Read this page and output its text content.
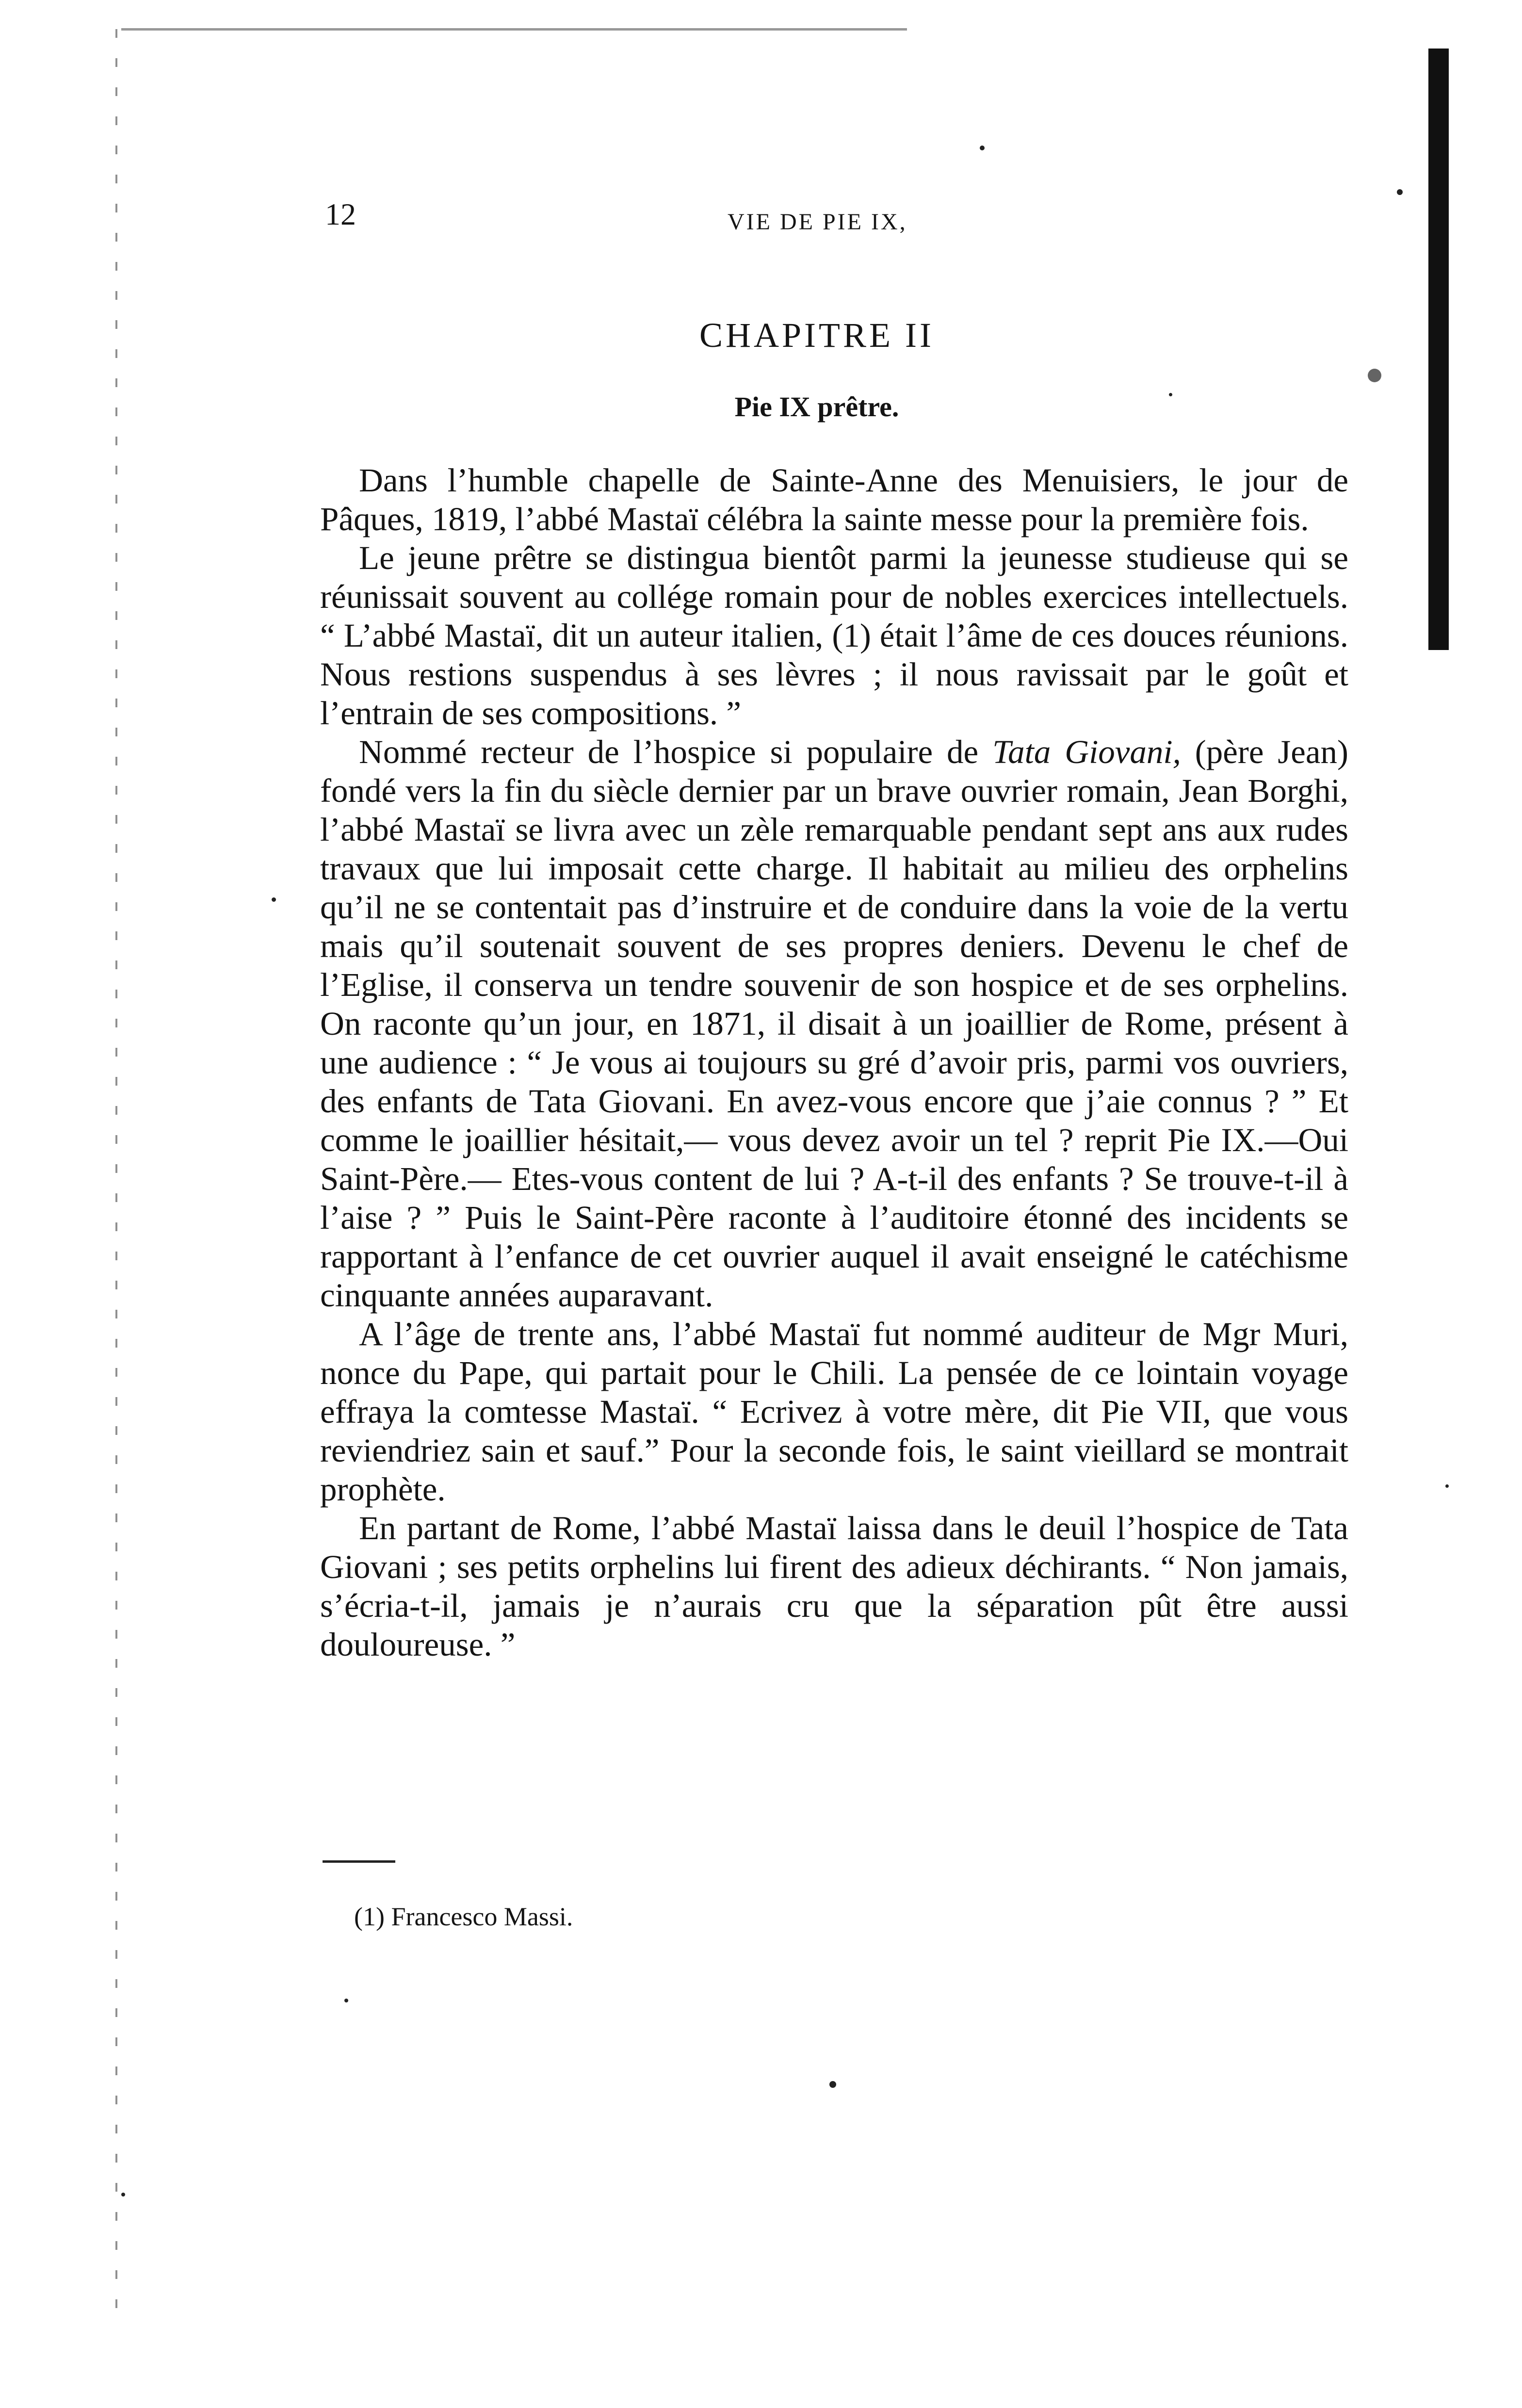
12	VIE DE PIE IX,
CHAPITRE II
Pie IX prêtre.

Dans l’humble chapelle de Sainte-Anne des Menuisiers, le jour de Pâques, 1819, l’abbé Mastaï célébra la sainte messe pour la première fois.

Le jeune prêtre se distingua bientôt parmi la jeunesse studieuse qui se réunissait souvent au collége romain pour de nobles exercices intellectuels. “ L’abbé Mastaï, dit un auteur italien, (1) était l’âme de ces douces réunions. Nous restions suspendus à ses lèvres ; il nous ravissait par le goût et l’entrain de ses compositions. ”

Nommé recteur de l’hospice si populaire de Tata Giovani, (père Jean) fondé vers la fin du siècle dernier par un brave ouvrier romain, Jean Borghi, l’abbé Mastaï se livra avec un zèle remarquable pendant sept ans aux rudes travaux que lui imposait cette charge. Il habitait au milieu des orphelins qu’il ne se contentait pas d’instruire et de conduire dans la voie de la vertu mais qu’il soutenait souvent de ses propres deniers. Devenu le chef de l’Eglise, il conserva un tendre souvenir de son hospice et de ses orphelins. On raconte qu’un jour, en 1871, il disait à un joaillier de Rome, présent à une audience : “ Je vous ai toujours su gré d’avoir pris, parmi vos ouvriers, des enfants de Tata Giovani. En avez-vous encore que j’aie connus ? ” Et comme le joaillier hésitait,— vous devez avoir un tel ? reprit Pie IX.—Oui Saint-Père.— Etes-vous content de lui ? A-t-il des enfants ? Se trouve-t-il à l’aise ? ” Puis le Saint-Père raconte à l’auditoire étonné des incidents se rapportant à l’enfance de cet ouvrier auquel il avait enseigné le catéchisme cinquante années auparavant.

A l’âge de trente ans, l’abbé Mastaï fut nommé auditeur de Mgr Muri, nonce du Pape, qui partait pour le Chili. La pensée de ce lointain voyage effraya la comtesse Mastaï. “ Ecrivez à votre mère, dit Pie VII, que vous reviendriez sain et sauf.” Pour la seconde fois, le saint vieillard se montrait prophète.

En partant de Rome, l’abbé Mastaï laissa dans le deuil l’hospice de Tata Giovani ; ses petits orphelins lui firent des adieux déchirants. “ Non jamais, s’écria-t-il, jamais je n’aurais cru que la séparation pût être aussi douloureuse. ”

(1) Francesco Massi.
